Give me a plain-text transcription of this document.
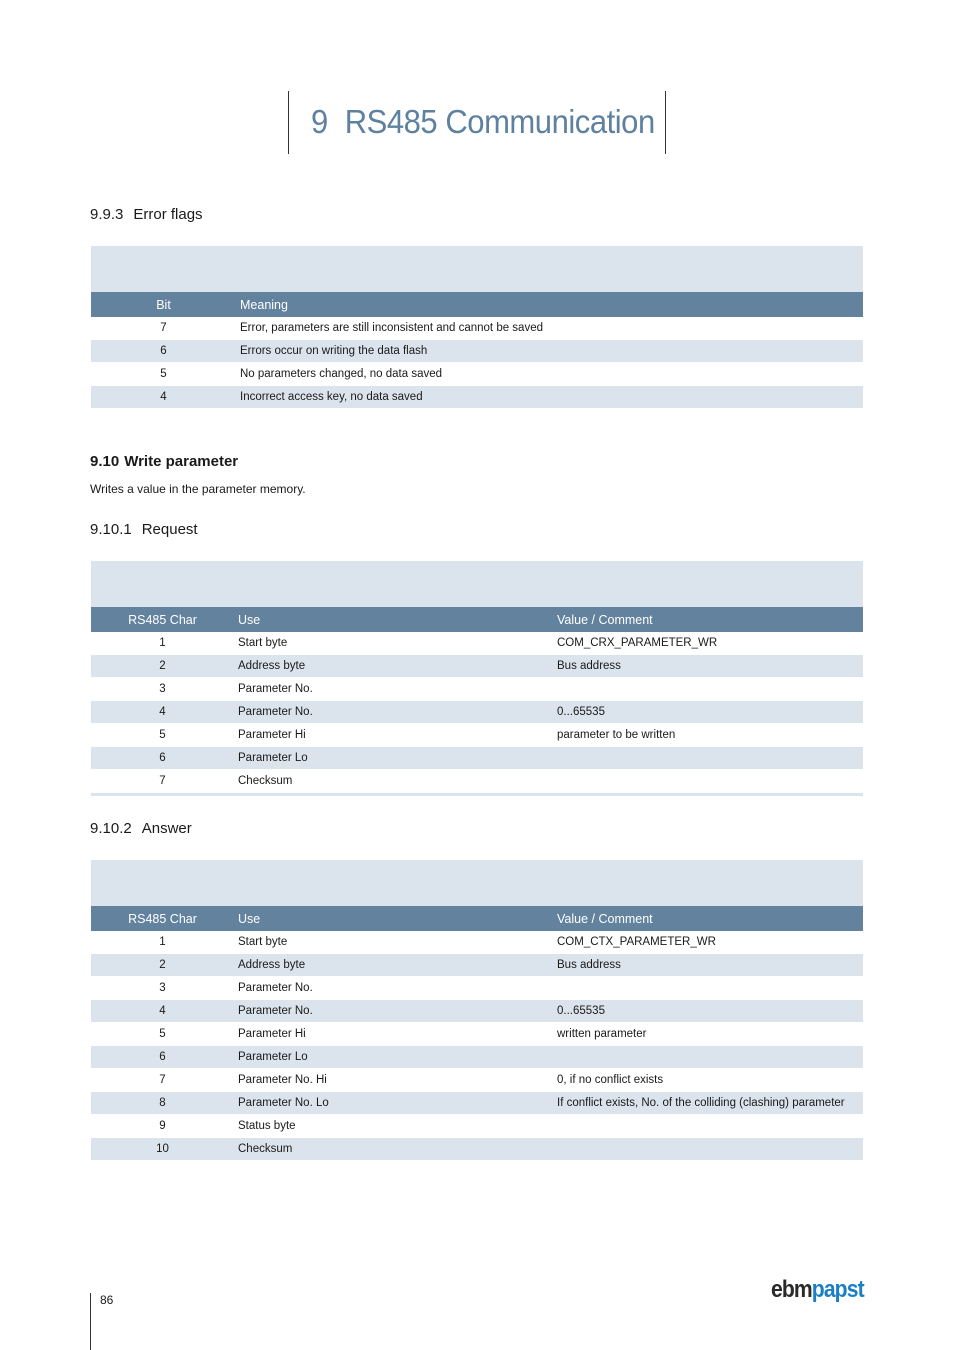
9 RS485 Communication
9.9.3 Error flags
Bit	Meaning
7	Error, parameters are still inconsistent and cannot be saved
6	Errors occur on writing the data flash
5	No parameters changed, no data saved
4	Incorrect access key, no data saved
9.10 Write parameter

Writes a value in the parameter memory.

9.10.1 Request
RS485 Char	Use	Value / Comment
1	Start byte	COM_CRX_PARAMETER_WR
2	Address byte	Bus address
3	Parameter No.	
4	Parameter No.	0...65535
5	Parameter Hi	parameter to be written
6	Parameter Lo	
7	Checksum	
9.10.2 Answer
RS485 Char	Use	Value / Comment
1	Start byte	COM_CTX_PARAMETER_WR
2	Address byte	Bus address
3	Parameter No.	
4	Parameter No.	0...65535
5	Parameter Hi	written parameter
6	Parameter Lo	
7	Parameter No. Hi	0, if no conflict exists
8	Parameter No. Lo	If conflict exists, No. of the colliding (clashing) parameter
9	Status byte	
10	Checksum	
86	ebmpapst
